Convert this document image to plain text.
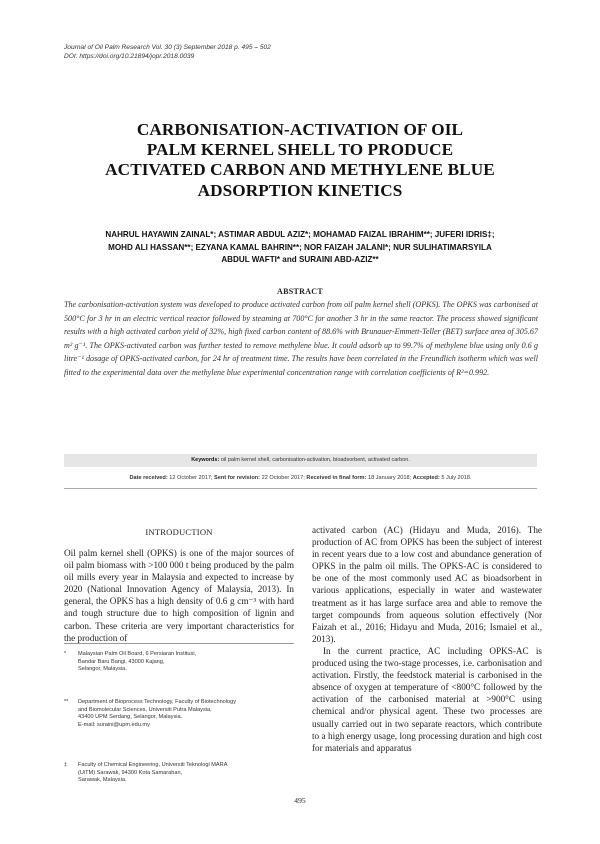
Journal of Oil Palm Research Vol. 30 (3) September 2018 p. 495 – 502
DOI: https://doi.org/10.21894/jopr.2018.0039
CARBONISATION-ACTIVATION OF OIL
PALM KERNEL SHELL TO PRODUCE
ACTIVATED CARBON AND METHYLENE BLUE
ADSORPTION KINETICS
NAHRUL HAYAWIN ZAINAL*; ASTIMAR ABDUL AZIZ*; MOHAMAD FAIZAL IBRAHIM**; JUFERI IDRIS‡;
MOHD ALI HASSAN**; EZYANA KAMAL BAHRIN**; NOR FAIZAH JALANI*; NUR SULIHATIMARSYILA
ABDUL WAFTI* and SURAINI ABD-AZIZ**
ABSTRACT
The carbonisation-activation system was developed to produce activated carbon from oil palm kernel shell (OPKS). The OPKS was carbonised at 500°C for 3 hr in an electric vertical reactor followed by steaming at 700°C for another 3 hr in the same reactor. The process showed significant results with a high activated carbon yield of 32%, high fixed carbon content of 88.6% with Brunauer-Emmett-Teller (BET) surface area of 305.67 m² g⁻¹. The OPKS-activated carbon was further tested to remove methylene blue. It could adsorb up to 99.7% of methylene blue using only 0.6 g litre⁻¹ dosage of OPKS-activated carbon, for 24 hr of treatment time. The results have been correlated in the Freundlich isotherm which was well fitted to the experimental data over the methylene blue experimental concentration range with correlation coefficients of R²=0.992.
Keywords: oil palm kernel shell, carbonisation-activation, bioadsorbent, activated carbon.
Date received: 12 October 2017; Sent for revision: 22 October 2017; Received in final form: 18 January 2018; Accepted: 5 July 2018.
INTRODUCTION

Oil palm kernel shell (OPKS) is one of the major sources of oil palm biomass with >100 000 t being produced by the palm oil mills every year in Malaysia and expected to increase by 2020 (National Innovation Agency of Malaysia, 2013). In general, the OPKS has a high density of 0.6 g cm⁻³ with hard and tough structure due to high composition of lignin and carbon. These criteria are very important characteristics for the production of

* Malaysian Palm Oil Board, 6 Persiaran Institusi,
Bandar Baru Bangi, 43000 Kajang,
Selangor, Malaysia.
** Department of Bioprocess Technology, Faculty of Biotechnology
and Biomolecular Sciences, Universiti Putra Malaysia,
43400 UPM Serdang, Selangor, Malaysia.
E-mail: suraini@upm.edu.my
‡ Faculty of Chemical Engineering, Universiti Teknologi MARA
(UiTM) Sarawak, 94300 Kota Samarahan,
Sarawak, Malaysia.

activated carbon (AC) (Hidayu and Muda, 2016). The production of AC from OPKS has been the subject of interest in recent years due to a low cost and abundance generation of OPKS in the palm oil mills. The OPKS-AC is considered to be one of the most commonly used AC as bioadsorbent in various applications, especially in water and wastewater treatment as it has large surface area and able to remove the target compounds from aqueous solution effectively (Nor Faizah et al., 2016; Hidayu and Muda, 2016; Ismaiel et al., 2013).

In the current practice, AC including OPKS-AC is produced using the two-stage processes, i.e. carbonisation and activation. Firstly, the feedstock material is carbonised in the absence of oxygen at temperature of <800°C followed by the activation of the carbonised material at >900°C using chemical and/or physical agent. These two processes are usually carried out in two separate reactors, which contribute to a high energy usage, long processing duration and high cost for materials and apparatus

495
